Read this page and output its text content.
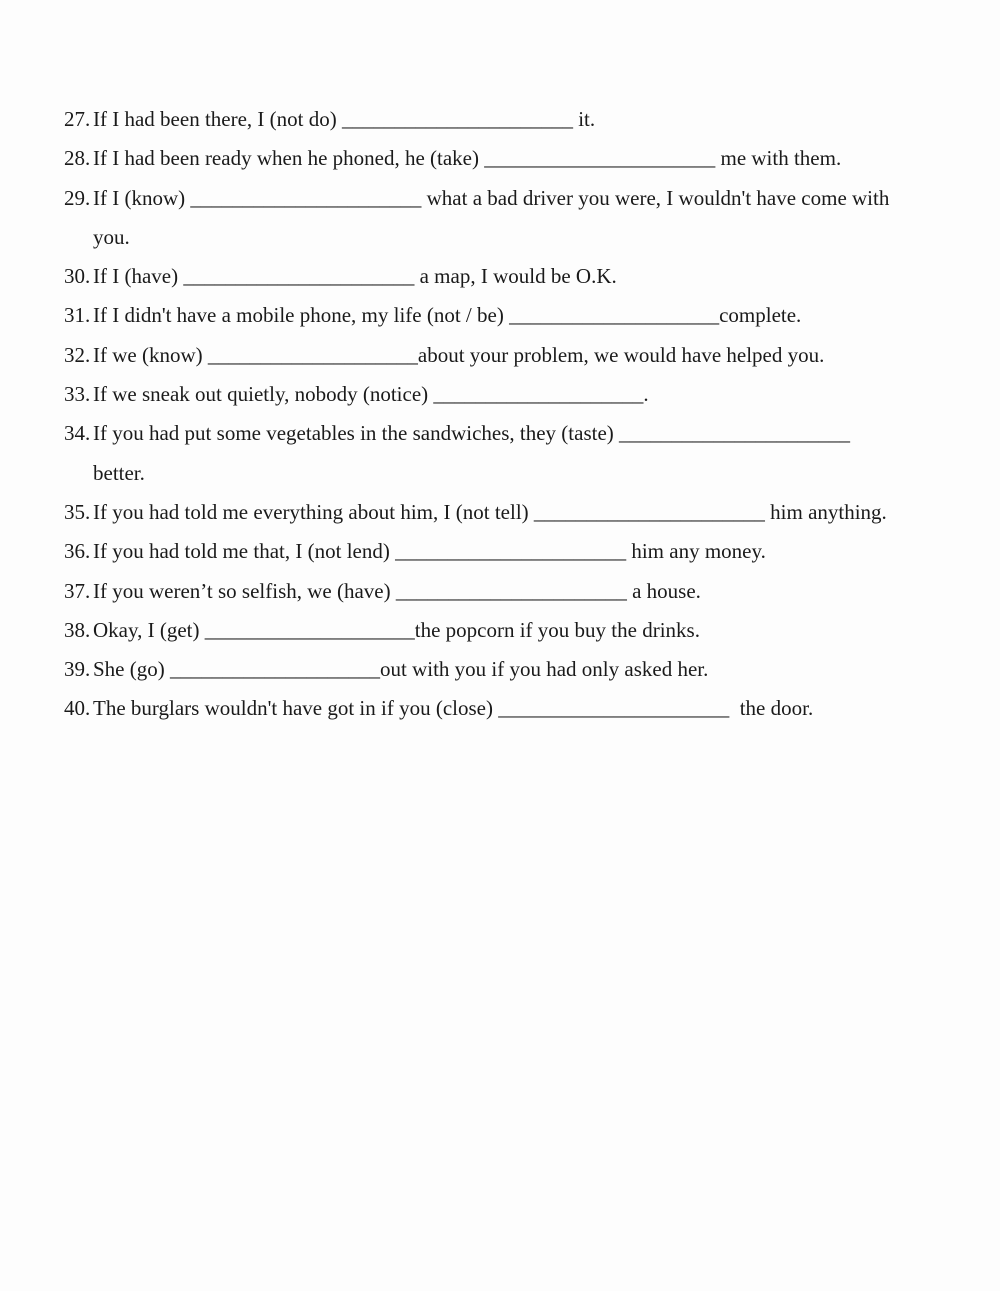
27. If I had been there, I (not do) ______________________ it.
28. If I had been ready when he phoned, he (take) ______________________ me with them.
29. If I (know) ______________________ what a bad driver you were, I wouldn't have come with
you.
30. If I (have) ______________________ a map, I would be O.K.
31. If I didn't have a mobile phone, my life (not / be) ____________________complete.
32. If we (know) ____________________about your problem, we would have helped you.
33. If we sneak out quietly, nobody (notice) ____________________.
34. If you had put some vegetables in the sandwiches, they (taste) ______________________
better.
35. If you had told me everything about him, I (not tell) ______________________ him anything.
36. If you had told me that, I (not lend) ______________________ him any money.
37. If you weren’t so selfish, we (have) ______________________ a house.
38. Okay, I (get) ____________________the popcorn if you buy the drinks.
39. She (go) ____________________out with you if you had only asked her.
40. The burglars wouldn't have got in if you (close) ______________________  the door.
